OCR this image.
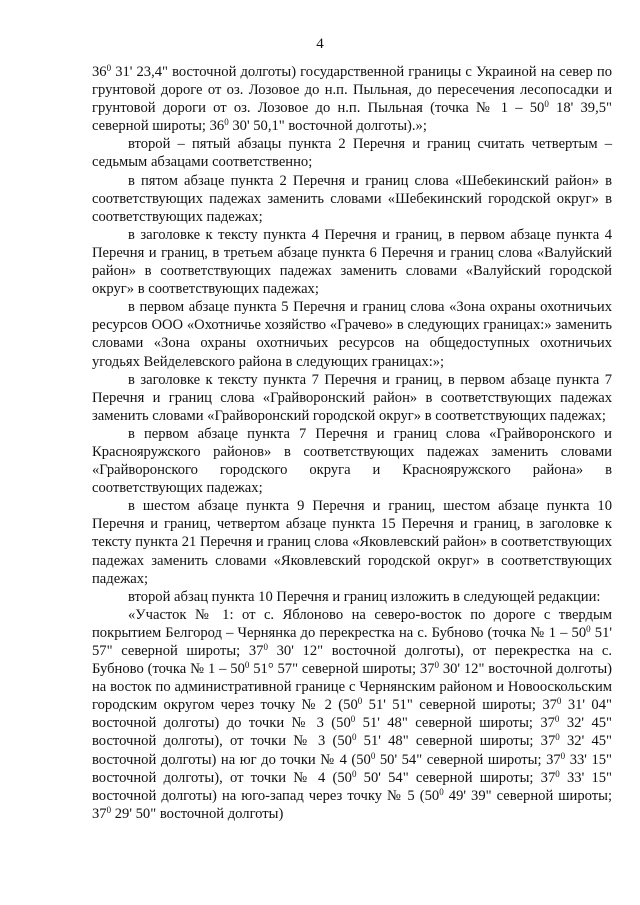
4

$36^0$ 31' 23,4" восточной долготы) государственной границы с Украиной на север по грунтовой дороге от оз. Лозовое до н.п. Пыльная, до пересечения лесопосадки и грунтовой дороги от оз. Лозовое до н.п. Пыльная (точка № $1 - 50^0$ 18' 39,5" северной широты; $36^0$ 30' 50,1" восточной долготы).»;

второй – пятый абзацы пункта 2 Перечня и границ считать четвертым – седьмым абзацами соответственно;

в пятом абзаце пункта 2 Перечня и границ слова «Шебекинский район» в соответствующих падежах заменить словами «Шебекинский городской округ» в соответствующих падежах;

в заголовке к тексту пункта 4 Перечня и границ, в первом абзаце пункта 4 Перечня и границ, в третьем абзаце пункта 6 Перечня и границ слова «Валуйский район» в соответствующих падежах заменить словами «Валуйский городской округ» в соответствующих падежах;

в первом абзаце пункта 5 Перечня и границ слова «Зона охраны охотничьих ресурсов ООО «Охотничье хозяйство «Грачево» в следующих границах:» заменить словами «Зона охраны охотничьих ресурсов на общедоступных охотничьих угодьях Вейделевского района в следующих границах:»;

в заголовке к тексту пункта 7 Перечня и границ, в первом абзаце пункта 7 Перечня и границ слова «Грайворонский район» в соответствующих падежах заменить словами «Грайворонский городской округ» в соответствующих падежах;

в первом абзаце пункта 7 Перечня и границ слова «Грайворонского и Краснояружского районов» в соответствующих падежах заменить словами «Грайворонского городского округа и Краснояружского района» в соответствующих падежах;

в шестом абзаце пункта 9 Перечня и границ, шестом абзаце пункта 10 Перечня и границ, четвертом абзаце пункта 15 Перечня и границ, в заголовке к тексту пункта 21 Перечня и границ слова «Яковлевский район» в соответствующих падежах заменить словами «Яковлевский городской округ» в соответствующих падежах;

второй абзац пункта 10 Перечня и границ изложить в следующей редакции:

«Участок № 1: от с. Яблоново на северо-восток по дороге с твердым покрытием Белгород – Чернянка до перекрестка на с. Бубново (точка № $1 - 50^0$ 51' 57" северной широты; $37^0$ 30' 12" восточной долготы), от перекрестка на с. Бубново (точка № $1 - 50^0$ 51° 57" северной широты; $37^0$ 30' 12" восточной долготы) на восток по административной границе с Чернянским районом и Новооскольским городским округом через точку № 2 ($50^0$ 51' 51" северной широты; $37^0$ 31' 04" восточной долготы) до точки № 3 ($50^0$ 51' 48" северной широты; $37^0$ 32' 45" восточной долготы), от точки № 3 ($50^0$ 51' 48" северной широты; $37^0$ 32' 45" восточной долготы) на юг до точки № 4 ($50^0$ 50' 54" северной широты; $37^0$ 33' 15" восточной долготы), от точки № 4 ($50^0$ 50' 54" северной широты; $37^0$ 33' 15" восточной долготы) на юго-запад через точку № 5 ($50^0$ 49' 39" северной широты; $37^0$ 29' 50" восточной долготы)
